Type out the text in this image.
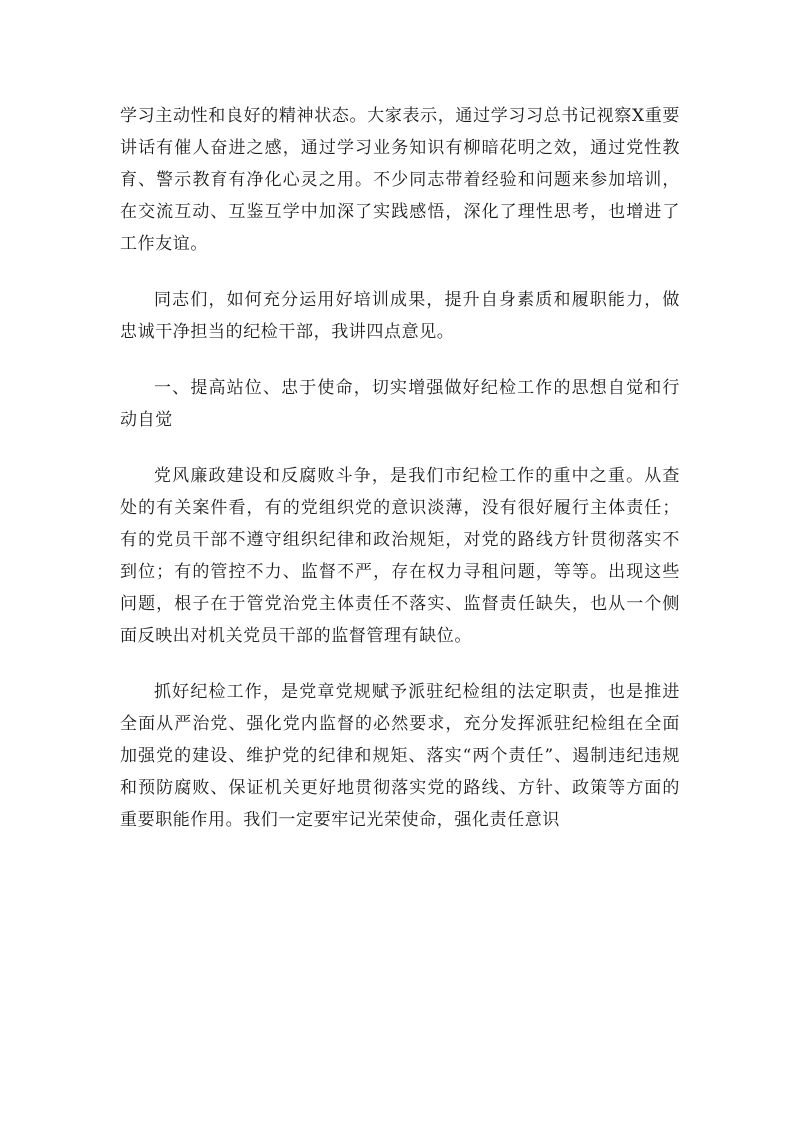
学习主动性和良好的精神状态。大家表示，通过学习习总书记视察X重要讲话有催人奋进之感，通过学习业务知识有柳暗花明之效，通过党性教育、警示教育有净化心灵之用。不少同志带着经验和问题来参加培训，在交流互动、互鉴互学中加深了实践感悟，深化了理性思考，也增进了工作友谊。

同志们，如何充分运用好培训成果，提升自身素质和履职能力，做忠诚干净担当的纪检干部，我讲四点意见。

一、提高站位、忠于使命，切实增强做好纪检工作的思想自觉和行动自觉

党风廉政建设和反腐败斗争，是我们市纪检工作的重中之重。从查处的有关案件看，有的党组织党的意识淡薄，没有很好履行主体责任；有的党员干部不遵守组织纪律和政治规矩，对党的路线方针贯彻落实不到位；有的管控不力、监督不严，存在权力寻租问题，等等。出现这些问题，根子在于管党治党主体责任不落实、监督责任缺失，也从一个侧面反映出对机关党员干部的监督管理有缺位。

抓好纪检工作，是党章党规赋予派驻纪检组的法定职责，也是推进全面从严治党、强化党内监督的必然要求，充分发挥派驻纪检组在全面加强党的建设、维护党的纪律和规矩、落实“两个责任”、遏制违纪违规和预防腐败、保证机关更好地贯彻落实党的路线、方针、政策等方面的重要职能作用。我们一定要牢记光荣使命，强化责任意识
